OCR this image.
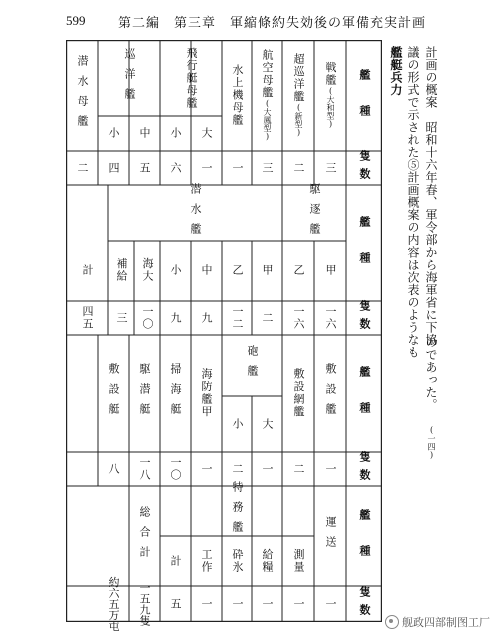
599	第二編　第三章　軍縮條約失効後の軍備充実計画
計画の概案　昭和十六年春、軍令部から海軍省に下協
議の形式で示された⑤計画概案の内容は次表のようなも
艦艇兵力
のであった。 (一四)
艦　種
隻数
艦　種
隻数
艦　種
隻数
艦　種
隻数
戦艦(大和型)
三
超巡洋艦(新型)
二
航空母艦(大鳳型)
三
水上機母艦
一
飛行艇母艦
大
一
小
六
巡洋艦
中
五
小
四
潜水母艦
二
駆逐艦
潜水艦
甲
一六
乙
一六
甲
二
乙
一二
中
九
小
九
海大
一〇
補給
三
計
四五
敷設艦
一
敷設網艦
二
砲艦
大
一
小
二
海防艦甲
一
掃海艇
一〇
駆潜艇
一八
敷設艇
八
運送
一
特務艦
測量
一
給糧
一
砕氷
一
工作
一
計
五
総合計
一五九隻
約六五万屯	舰政四部制图工厂
